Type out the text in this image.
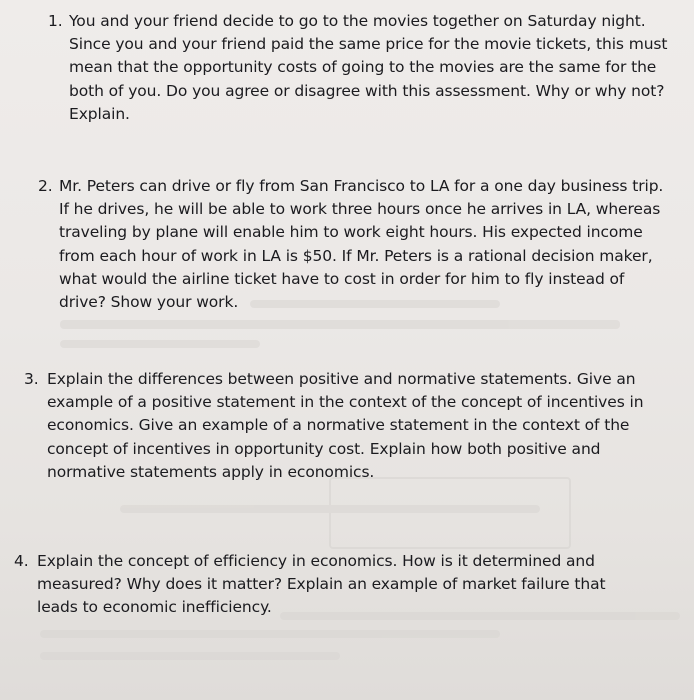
1. You and your friend decide to go to the movies together on Saturday night.
Since you and your friend paid the same price for the movie tickets, this must
mean that the opportunity costs of going to the movies are the same for the
both of you. Do you agree or disagree with this assessment. Why or why not?
Explain.
2. Mr. Peters can drive or fly from San Francisco to LA for a one day business trip.
If he drives, he will be able to work three hours once he arrives in LA, whereas
traveling by plane will enable him to work eight hours. His expected income
from each hour of work in LA is $50. If Mr. Peters is a rational decision maker,
what would the airline ticket have to cost in order for him to fly instead of
drive? Show your work.
3. Explain the differences between positive and normative statements. Give an
example of a positive statement in the context of the concept of incentives in
economics. Give an example of a normative statement in the context of the
concept of incentives in opportunity cost. Explain how both positive and
normative statements apply in economics.
4. Explain the concept of efficiency in economics. How is it determined and
measured? Why does it matter? Explain an example of market failure that
leads to economic inefficiency.
